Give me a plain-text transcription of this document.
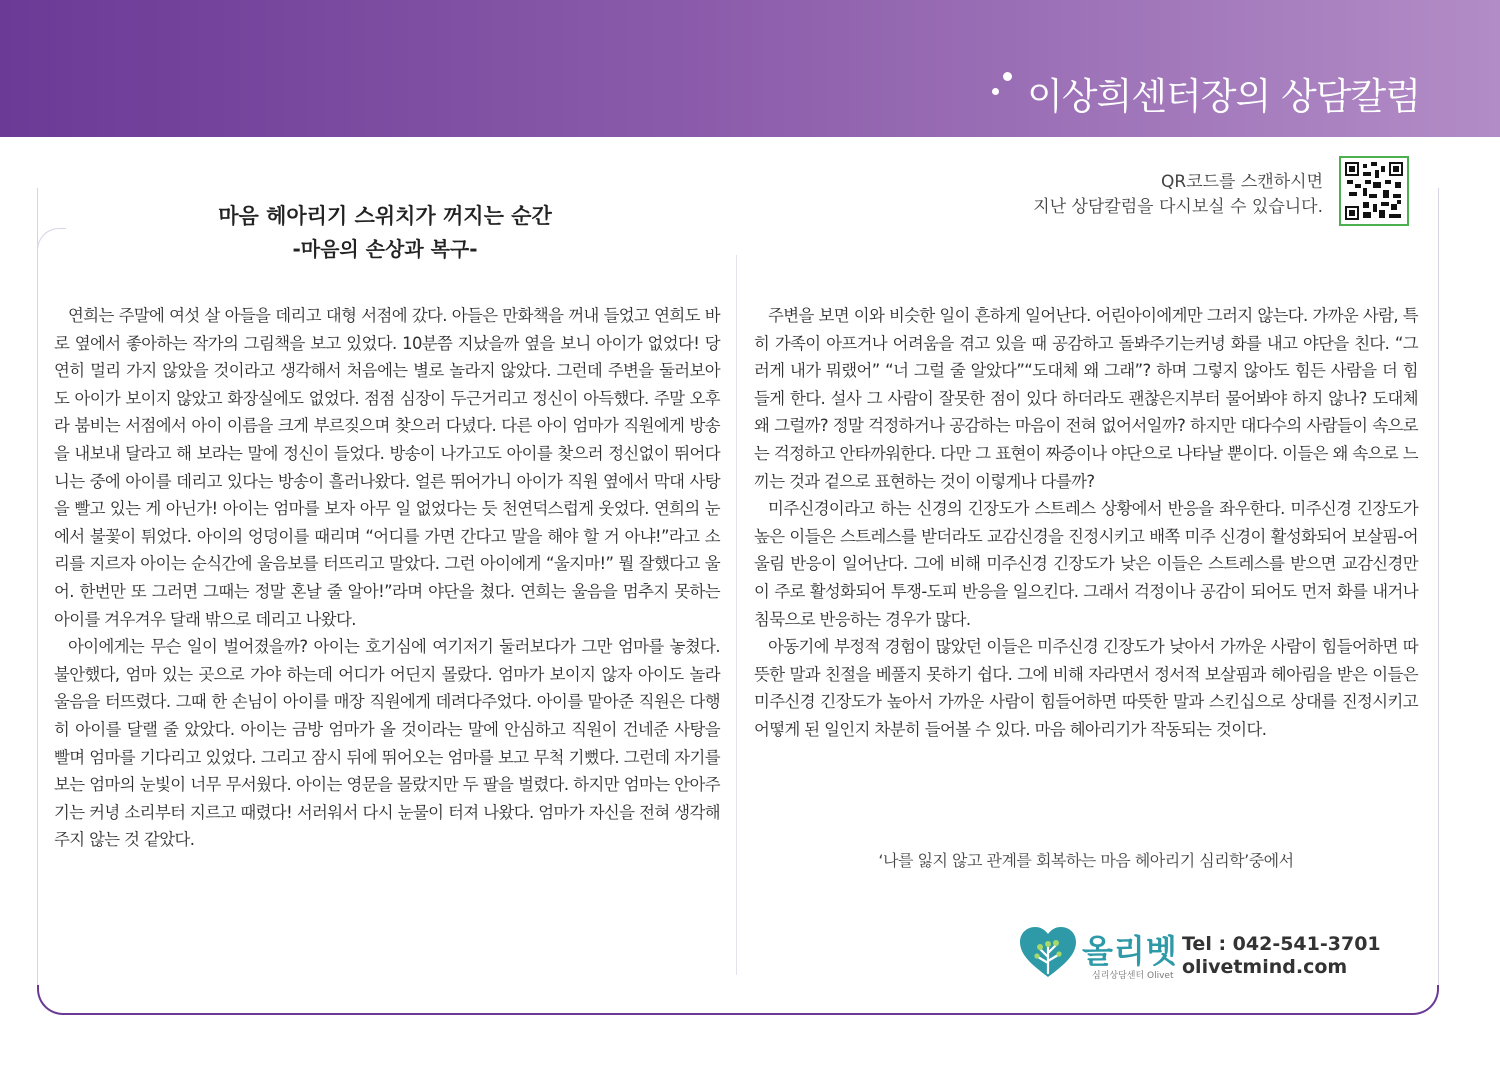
이상희센터장의 상담칼럼
QR코드를 스캔하시면
지난 상담칼럼을 다시보실 수 있습니다.
마음 헤아리기 스위치가 꺼지는 순간
-마음의 손상과 복구-

연희는 주말에 여섯 살 아들을 데리고 대형 서점에 갔다. 아들은 만화책을 꺼내 들었고 연희도 바로 옆에서 좋아하는 작가의 그림책을 보고 있었다. 10분쯤 지났을까 옆을 보니 아이가 없었다! 당연히 멀리 가지 않았을 것이라고 생각해서 처음에는 별로 놀라지 않았다. 그런데 주변을 둘러보아도 아이가 보이지 않았고 화장실에도 없었다. 점점 심장이 두근거리고 정신이 아득했다. 주말 오후라 붐비는 서점에서 아이 이름을 크게 부르짖으며 찾으러 다녔다. 다른 아이 엄마가 직원에게 방송을 내보내 달라고 해 보라는 말에 정신이 들었다. 방송이 나가고도 아이를 찾으러 정신없이 뛰어다니는 중에 아이를 데리고 있다는 방송이 흘러나왔다. 얼른 뛰어가니 아이가 직원 옆에서 막대 사탕을 빨고 있는 게 아닌가! 아이는 엄마를 보자 아무 일 없었다는 듯 천연덕스럽게 웃었다. 연희의 눈에서 불꽃이 튀었다. 아이의 엉덩이를 때리며 “어디를 가면 간다고 말을 해야 할 거 아냐!”라고 소리를 지르자 아이는 순식간에 울음보를 터뜨리고 말았다. 그런 아이에게 “울지마!” 뭘 잘했다고 울어. 한번만 또 그러면 그때는 정말 혼날 줄 알아!”라며 야단을 쳤다. 연희는 울음을 멈추지 못하는 아이를 겨우겨우 달래 밖으로 데리고 나왔다.

아이에게는 무슨 일이 벌어졌을까? 아이는 호기심에 여기저기 둘러보다가 그만 엄마를 놓쳤다. 불안했다, 엄마 있는 곳으로 가야 하는데 어디가 어딘지 몰랐다. 엄마가 보이지 않자 아이도 놀라 울음을 터뜨렸다. 그때 한 손님이 아이를 매장 직원에게 데려다주었다. 아이를 맡아준 직원은 다행히 아이를 달랠 줄 았았다. 아이는 금방 엄마가 올 것이라는 말에 안심하고 직원이 건네준 사탕을 빨며 엄마를 기다리고 있었다. 그리고 잠시 뒤에 뛰어오는 엄마를 보고 무척 기뻤다. 그런데 자기를 보는 엄마의 눈빛이 너무 무서웠다. 아이는 영문을 몰랐지만 두 팔을 벌렸다. 하지만 엄마는 안아주기는 커녕 소리부터 지르고 때렸다! 서러워서 다시 눈물이 터져 나왔다. 엄마가 자신을 전혀 생각해 주지 않는 것 같았다.

주변을 보면 이와 비슷한 일이 흔하게 일어난다. 어린아이에게만 그러지 않는다. 가까운 사람, 특히 가족이 아프거나 어려움을 겪고 있을 때 공감하고 돌봐주기는커녕 화를 내고 야단을 친다. “그러게 내가 뭐랬어” “너 그럴 줄 알았다”“도대체 왜 그래”? 하며 그렇지 않아도 힘든 사람을 더 힘들게 한다. 설사 그 사람이 잘못한 점이 있다 하더라도 괜찮은지부터 물어봐야 하지 않나? 도대체 왜 그럴까? 정말 걱정하거나 공감하는 마음이 전혀 없어서일까? 하지만 대다수의 사람들이 속으로는 걱정하고 안타까워한다. 다만 그 표현이 짜증이나 야단으로 나타날 뿐이다. 이들은 왜 속으로 느끼는 것과 겉으로 표현하는 것이 이렇게나 다를까?

미주신경이라고 하는 신경의 긴장도가 스트레스 상황에서 반응을 좌우한다. 미주신경 긴장도가 높은 이들은 스트레스를 받더라도 교감신경을 진정시키고 배쪽 미주 신경이 활성화되어 보살핌-어울림 반응이 일어난다. 그에 비해 미주신경 긴장도가 낮은 이들은 스트레스를 받으면 교감신경만이 주로 활성화되어 투쟁-도피 반응을 일으킨다. 그래서 걱정이나 공감이 되어도 먼저 화를 내거나 침묵으로 반응하는 경우가 많다.

아동기에 부정적 경험이 많았던 이들은 미주신경 긴장도가 낮아서 가까운 사람이 힘들어하면 따뜻한 말과 친절을 베풀지 못하기 쉽다. 그에 비해 자라면서 정서적 보살핌과 헤아림을 받은 이들은 미주신경 긴장도가 높아서 가까운 사람이 힘들어하면 따뜻한 말과 스킨십으로 상대를 진정시키고 어떻게 된 일인지 차분히 들어볼 수 있다. 마음 헤아리기가 작동되는 것이다.

‘나를 잃지 않고 관계를 회복하는 마음 헤아리기 심리학’중에서
올리벳
심리상담센터 Olivet
Tel : 042-541-3701
olivetmind.com
